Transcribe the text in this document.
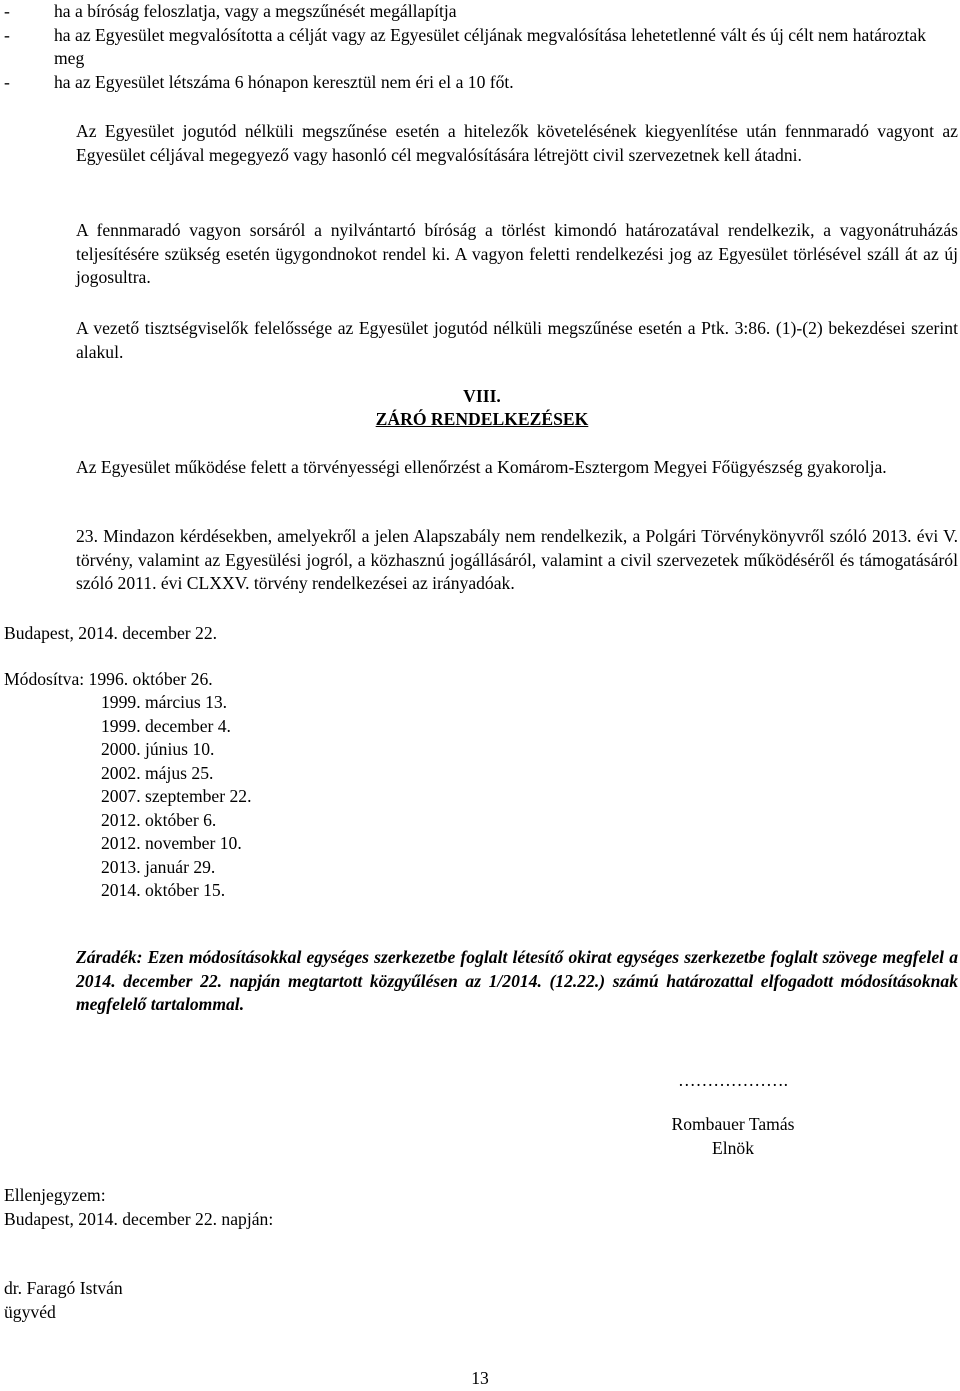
-	ha a bíróság feloszlatja, vagy a megszűnését megállapítja
-	ha az Egyesület megvalósította a célját vagy az Egyesület céljának megvalósítása lehetetlenné vált és új célt nem határoztak meg
-	ha az Egyesület létszáma 6 hónapon keresztül nem éri el a 10 főt.

Az Egyesület jogutód nélküli megszűnése esetén a hitelezők követelésének kiegyenlítése után fennmaradó vagyont az Egyesület céljával megegyező vagy hasonló cél megvalósítására létrejött civil szervezetnek kell átadni.

A fennmaradó vagyon sorsáról a nyilvántartó bíróság a törlést kimondó határozatával rendelkezik, a vagyonátruházás teljesítésére szükség esetén ügygondnokot rendel ki. A vagyon feletti rendelkezési jog az Egyesület törlésével száll át az új jogosultra.

A vezető tisztségviselők felelőssége az Egyesület jogutód nélküli megszűnése esetén a Ptk. 3:86. (1)-(2) bekezdései szerint alakul.

VIII.
ZÁRÓ RENDELKEZÉSEK

Az Egyesület működése felett a törvényességi ellenőrzést a Komárom-Esztergom Megyei Főügyészség gyakorolja.

23. Mindazon kérdésekben, amelyekről a jelen Alapszabály nem rendelkezik, a Polgári Törvénykönyvről szóló 2013. évi V. törvény, valamint az Egyesülési jogról, a közhasznú jogállásáról, valamint a civil szervezetek működéséről és támogatásáról szóló 2011. évi CLXXV. törvény rendelkezései az irányadóak.

Budapest, 2014. december 22.
Módosítva: 1996. október 26.
1999. március 13.
1999. december 4.
2000. június 10.
2002. május 25.
2007. szeptember 22.
2012. október 6.
2012. november 10.
2013. január 29.
2014. október 15.

Záradék: Ezen módosításokkal egységes szerkezetbe foglalt létesítő okirat egységes szerkezetbe foglalt szövege megfelel a 2014. december 22. napján megtartott közgyűlésen az 1/2014. (12.22.) számú határozattal elfogadott módosításoknak megfelelő tartalommal.

……………….
Rombauer Tamás
Elnök
Ellenjegyzem:
Budapest, 2014. december 22. napján:
dr. Faragó István
ügyvéd
13
